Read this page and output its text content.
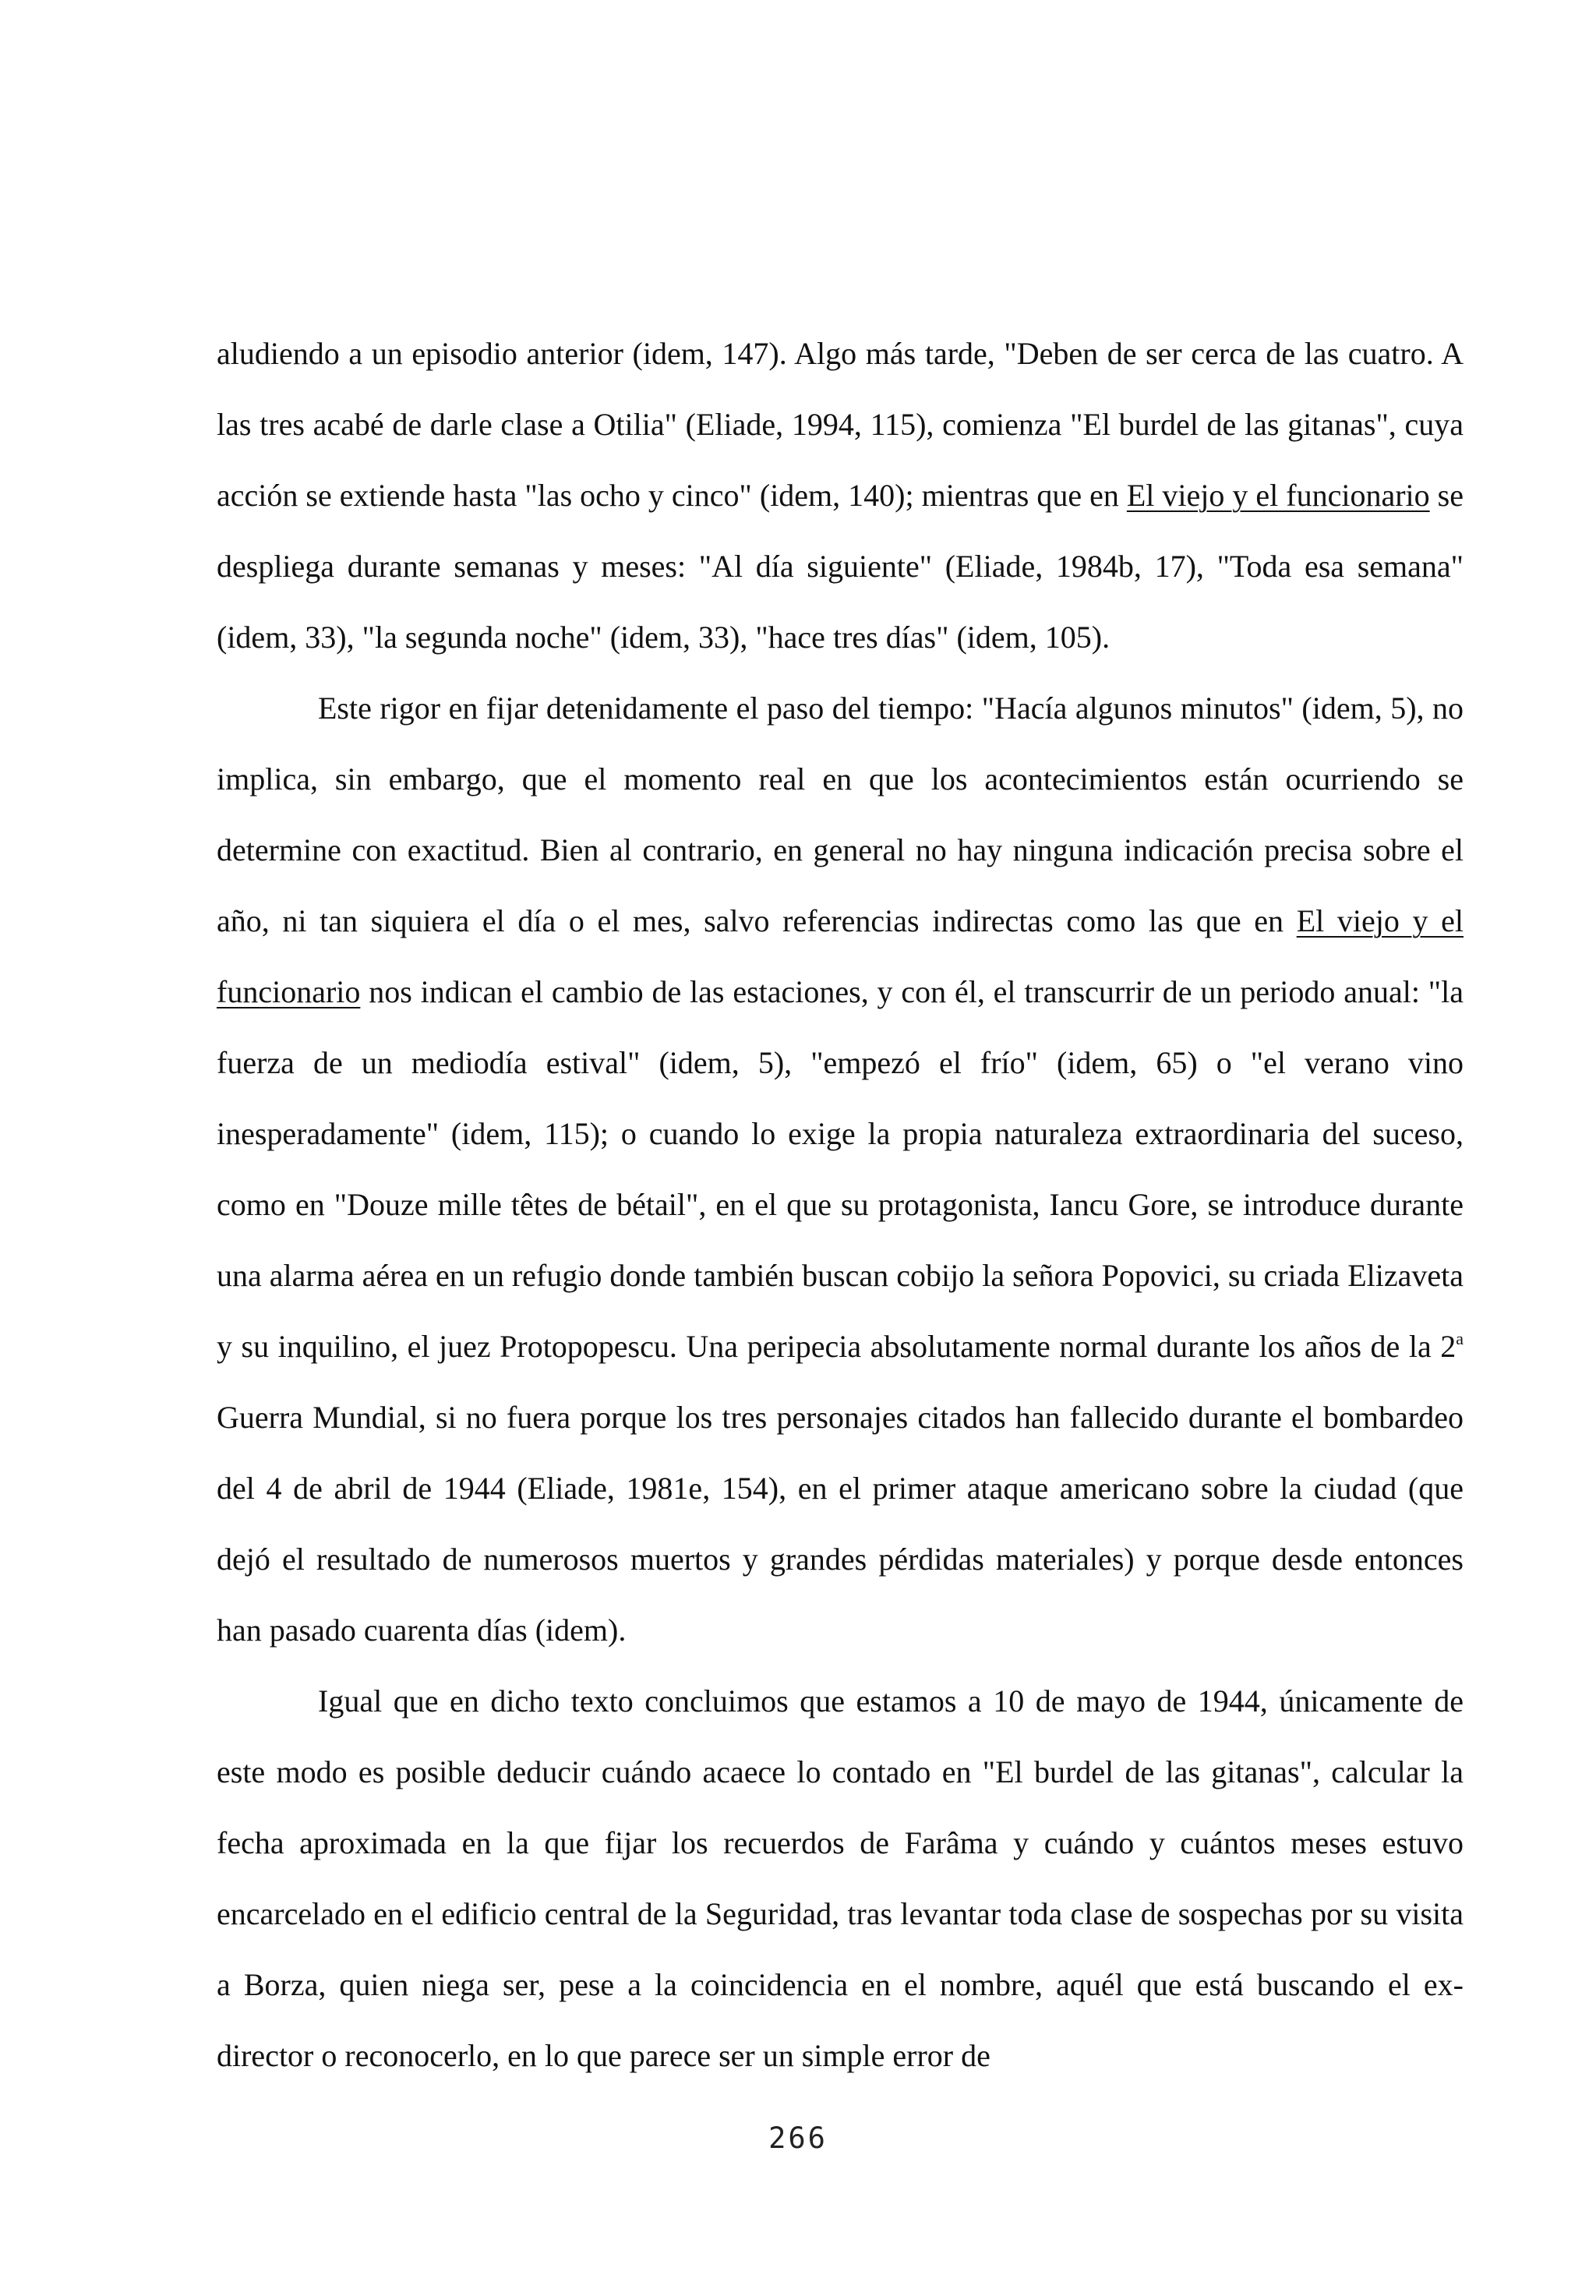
aludiendo a un episodio anterior (idem, 147). Algo más tarde, "Deben de ser cerca de las cuatro. A las tres acabé de darle clase a Otilia" (Eliade, 1994, 115), comienza "El burdel de las gitanas", cuya acción se extiende hasta "las ocho y cinco" (idem, 140); mientras que en El viejo y el funcionario se despliega durante semanas y meses: "Al día siguiente" (Eliade, 1984b, 17), "Toda esa semana" (idem, 33), "la segunda noche" (idem, 33), "hace tres días" (idem, 105).

Este rigor en fijar detenidamente el paso del tiempo: "Hacía algunos minutos" (idem, 5), no implica, sin embargo, que el momento real en que los acontecimientos están ocurriendo se determine con exactitud. Bien al contrario, en general no hay ninguna indicación precisa sobre el año, ni tan siquiera el día o el mes, salvo referencias indirectas como las que en El viejo y el funcionario nos indican el cambio de las estaciones, y con él, el transcurrir de un periodo anual: "la fuerza de un mediodía estival" (idem, 5), "empezó el frío" (idem, 65) o "el verano vino inesperadamente" (idem, 115); o cuando lo exige la propia naturaleza extraordinaria del suceso, como en "Douze mille têtes de bétail", en el que su protagonista, Iancu Gore, se introduce durante una alarma aérea en un refugio donde también buscan cobijo la señora Popovici, su criada Elizaveta y su inquilino, el juez Protopopescu. Una peripecia absolutamente normal durante los años de la 2$^a$ Guerra Mundial, si no fuera porque los tres personajes citados han fallecido durante el bombardeo del 4 de abril de 1944 (Eliade, 1981e, 154), en el primer ataque americano sobre la ciudad (que dejó el resultado de numerosos muertos y grandes pérdidas materiales) y porque desde entonces han pasado cuarenta días (idem).

Igual que en dicho texto concluimos que estamos a 10 de mayo de 1944, únicamente de este modo es posible deducir cuándo acaece lo contado en "El burdel de las gitanas", calcular la fecha aproximada en la que fijar los recuerdos de Farâma y cuándo y cuántos meses estuvo encarcelado en el edificio central de la Seguridad, tras levantar toda clase de sospechas por su visita a Borza, quien niega ser, pese a la coincidencia en el nombre, aquél que está buscando el ex-director o reconocerlo, en lo que parece ser un simple error de

266
